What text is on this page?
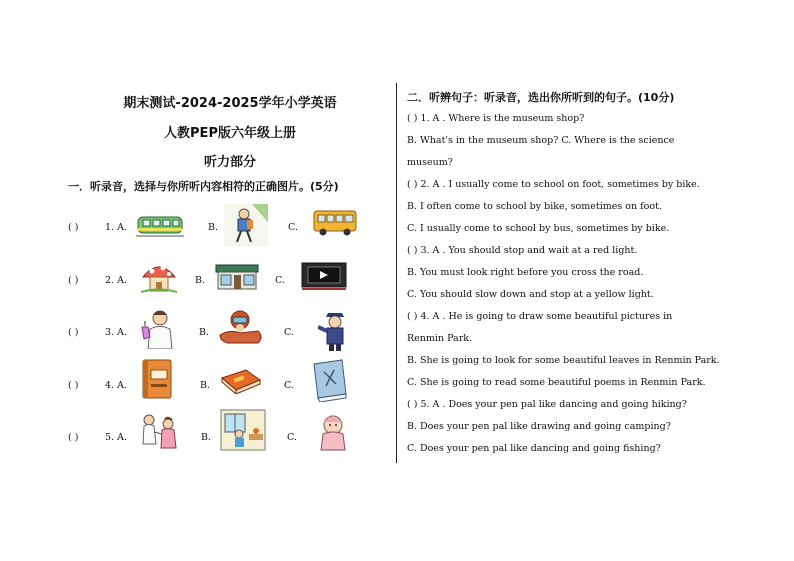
期末测试-2024-2025学年小学英语
人教PEP版六年级上册
听力部分
一．听录音，选择与你所听内容相符的正确图片。(5分)
( )	1. A.	B.	C.
( )	2. A.	B.	C.
( )	3. A.	B.	C.
( )	4. A.	B.	C.
( )	5. A.	B.	C.
二．听辨句子：听录音，选出你所听到的句子。(10分)
( ) 1. A . Where is the museum shop?
B. What's in the museum shop? C. Where is the science
museum?
( ) 2. A . I usually come to school on foot, sometimes by bike.
B. I often come to school by bike, sometimes on foot.
C. I usually come to school by bus, sometimes by bike.
( ) 3. A . You should stop and wait at a red light.
B. You must look right before you cross the road.
C. You should slow down and stop at a yellow light.
( ) 4. A . He is going to draw some beautiful pictures in
Renmin Park.
B. She is going to look for some beautiful leaves in Renmin Park.
C. She is going to read some beautiful poems in Renmin Park.
( ) 5. A . Does your pen pal like dancing and going hiking?
B. Does your pen pal like drawing and going camping?
C. Does your pen pal like dancing and going fishing?
